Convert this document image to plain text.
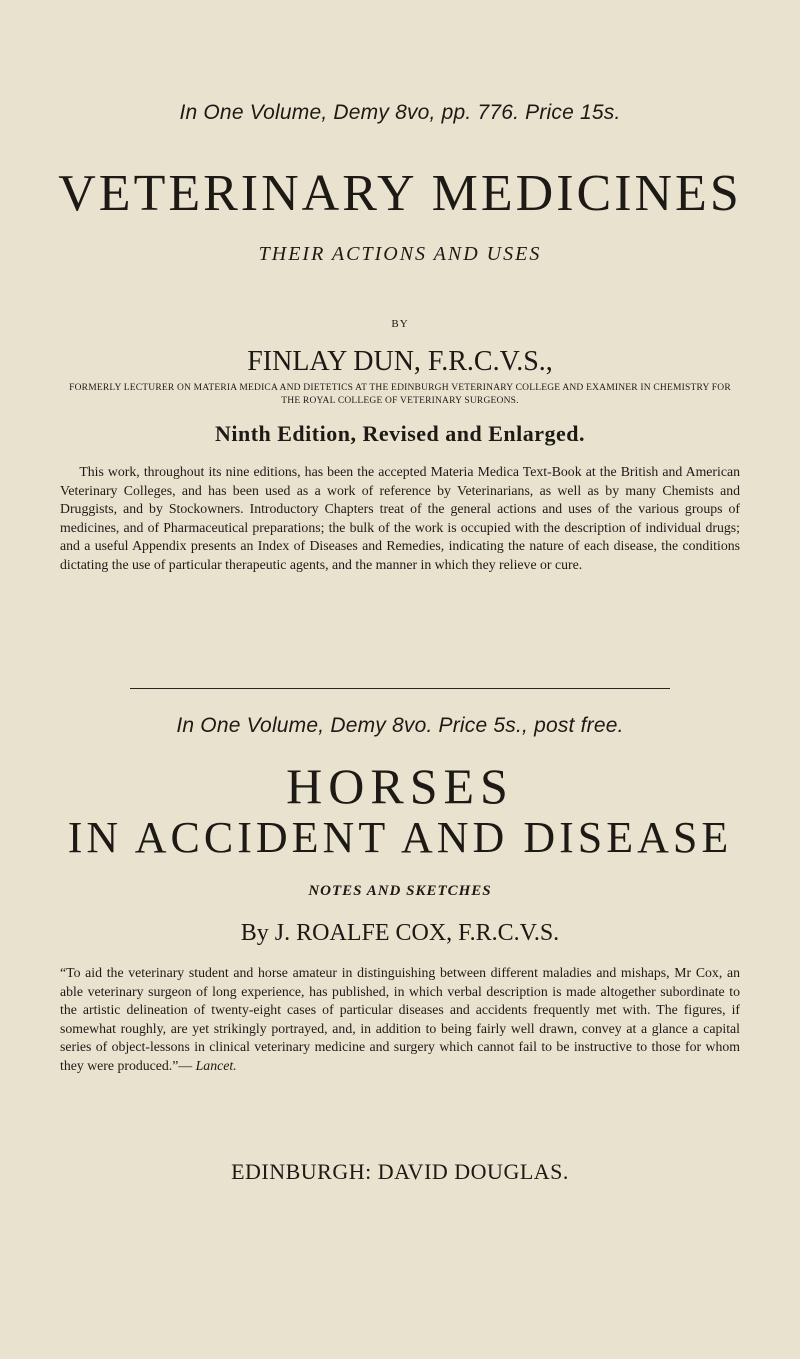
In One Volume, Demy 8vo, pp. 776. Price 15s.
VETERINARY MEDICINES
THEIR ACTIONS AND USES
BY
FINLAY DUN, F.R.C.V.S.,
FORMERLY LECTURER ON MATERIA MEDICA AND DIETETICS AT THE EDINBURGH VETERINARY COLLEGE AND EXAMINER IN CHEMISTRY FOR THE ROYAL COLLEGE OF VETERINARY SURGEONS.
Ninth Edition, Revised and Enlarged.
This work, throughout its nine editions, has been the accepted Materia Medica Text-Book at the British and American Veterinary Colleges, and has been used as a work of reference by Veterinarians, as well as by many Chemists and Druggists, and by Stockowners. Introductory Chapters treat of the general actions and uses of the various groups of medicines, and of Pharmaceutical preparations; the bulk of the work is occupied with the description of individual drugs; and a useful Appendix presents an Index of Diseases and Remedies, indicating the nature of each disease, the conditions dictating the use of particular therapeutic agents, and the manner in which they relieve or cure.
In One Volume, Demy 8vo. Price 5s., post free.
HORSES
IN ACCIDENT AND DISEASE
NOTES AND SKETCHES
By J. ROALFE COX, F.R.C.V.S.
“To aid the veterinary student and horse amateur in distinguishing between different maladies and mishaps, Mr Cox, an able veterinary surgeon of long experience, has published, in which verbal description is made altogether subordinate to the artistic delineation of twenty-eight cases of particular diseases and accidents frequently met with. The figures, if somewhat roughly, are yet strikingly portrayed, and, in addition to being fairly well drawn, convey at a glance a capital series of object-lessons in clinical veterinary medicine and surgery which cannot fail to be instructive to those for whom they were produced.”— Lancet.
EDINBURGH: DAVID DOUGLAS.
